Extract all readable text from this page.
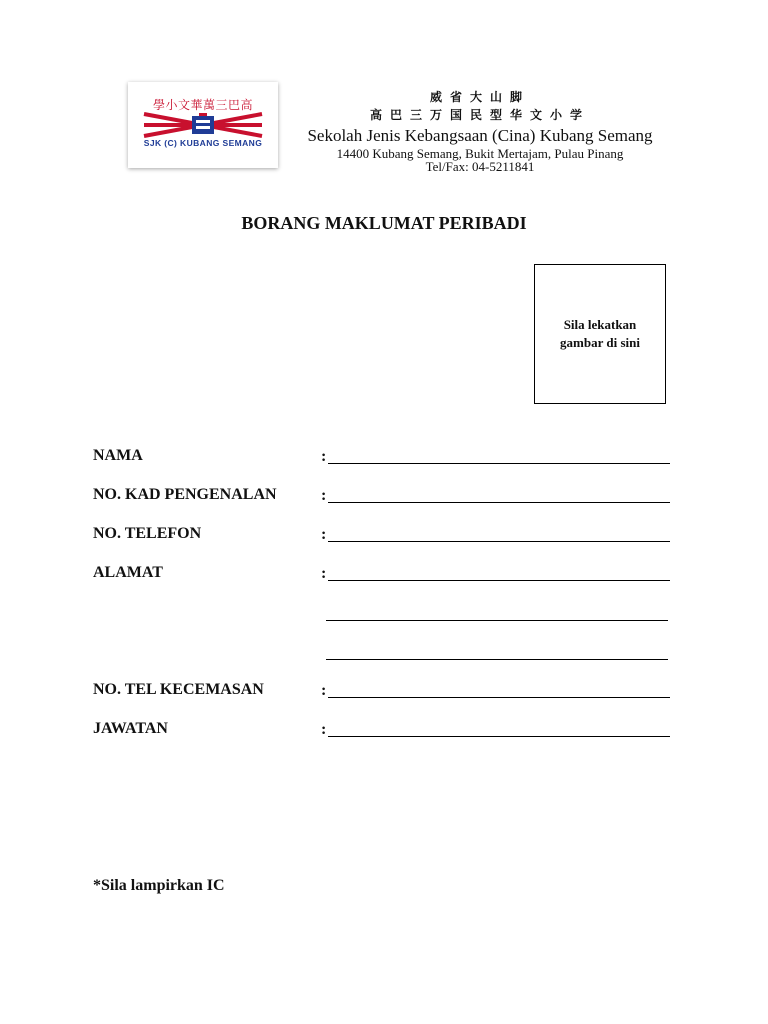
學小文華萬三巴高
SJK (C) KUBANG SEMANG
威省大山脚
高巴三万国民型华文小学
Sekolah Jenis Kebangsaan (Cina) Kubang Semang
14400 Kubang Semang, Bukit Mertajam, Pulau Pinang
Tel/Fax: 04-5211841
BORANG MAKLUMAT PERIBADI
Sila lekatkan gambar di sini
NAMA	:
NO. KAD PENGENALAN	:
NO. TELEFON	:
ALAMAT	:
NO. TEL KECEMASAN	:
JAWATAN	:
*Sila lampirkan IC
